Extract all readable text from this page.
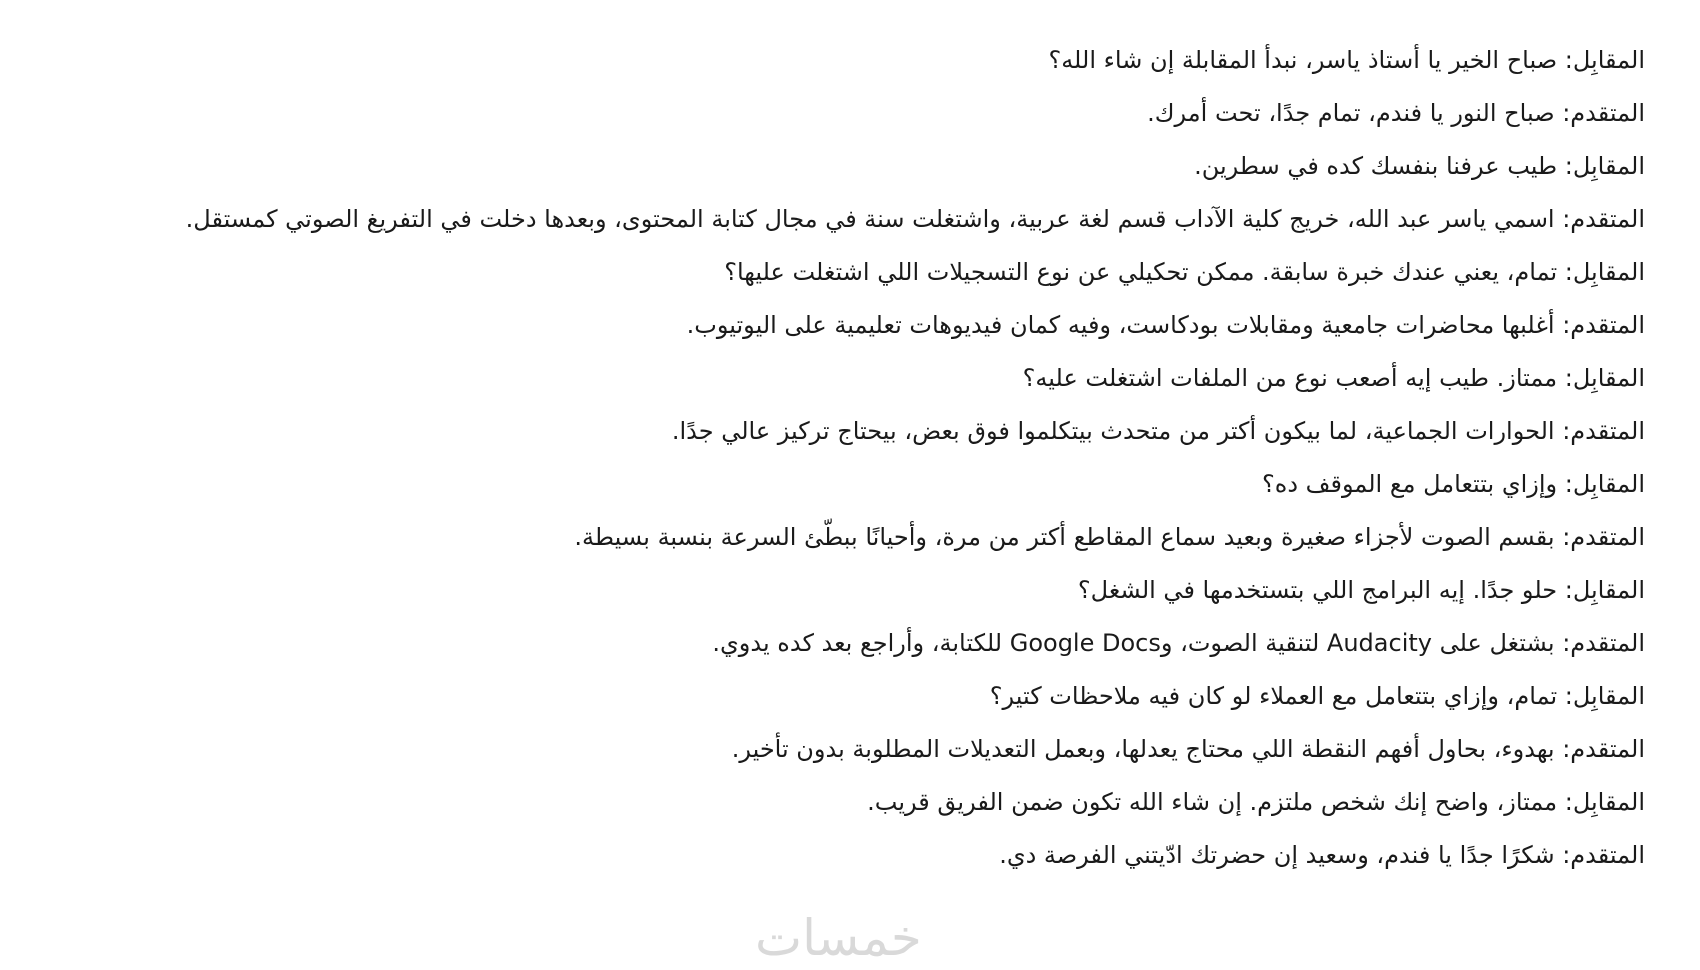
المقابِل: صباح الخير يا أستاذ ياسر، نبدأ المقابلة إن شاء الله؟

المتقدم: صباح النور يا فندم، تمام جدًا، تحت أمرك.

المقابِل: طيب عرفنا بنفسك كده في سطرين.

المتقدم: اسمي ياسر عبد الله، خريج كلية الآداب قسم لغة عربية، واشتغلت سنة في مجال كتابة المحتوى، وبعدها دخلت في التفريغ الصوتي كمستقل.

المقابِل: تمام، يعني عندك خبرة سابقة. ممكن تحكيلي عن نوع التسجيلات اللي اشتغلت عليها؟

المتقدم: أغلبها محاضرات جامعية ومقابلات بودكاست، وفيه كمان فيديوهات تعليمية على اليوتيوب.

المقابِل: ممتاز. طيب إيه أصعب نوع من الملفات اشتغلت عليه؟

المتقدم: الحوارات الجماعية، لما بيكون أكتر من متحدث بيتكلموا فوق بعض، بيحتاج تركيز عالي جدًا.

المقابِل: وإزاي بتتعامل مع الموقف ده؟

المتقدم: بقسم الصوت لأجزاء صغيرة وبعيد سماع المقاطع أكتر من مرة، وأحيانًا ببطّئ السرعة بنسبة بسيطة.

المقابِل: حلو جدًا. إيه البرامج اللي بتستخدمها في الشغل؟

المتقدم: بشتغل على Audacity لتنقية الصوت، وGoogle Docs للكتابة، وأراجع بعد كده يدوي.

المقابِل: تمام، وإزاي بتتعامل مع العملاء لو كان فيه ملاحظات كتير؟

المتقدم: بهدوء، بحاول أفهم النقطة اللي محتاج يعدلها، وبعمل التعديلات المطلوبة بدون تأخير.

المقابِل: ممتاز، واضح إنك شخص ملتزم. إن شاء الله تكون ضمن الفريق قريب.

المتقدم: شكرًا جدًا يا فندم، وسعيد إن حضرتك ادّيتني الفرصة دي.

خمسات
